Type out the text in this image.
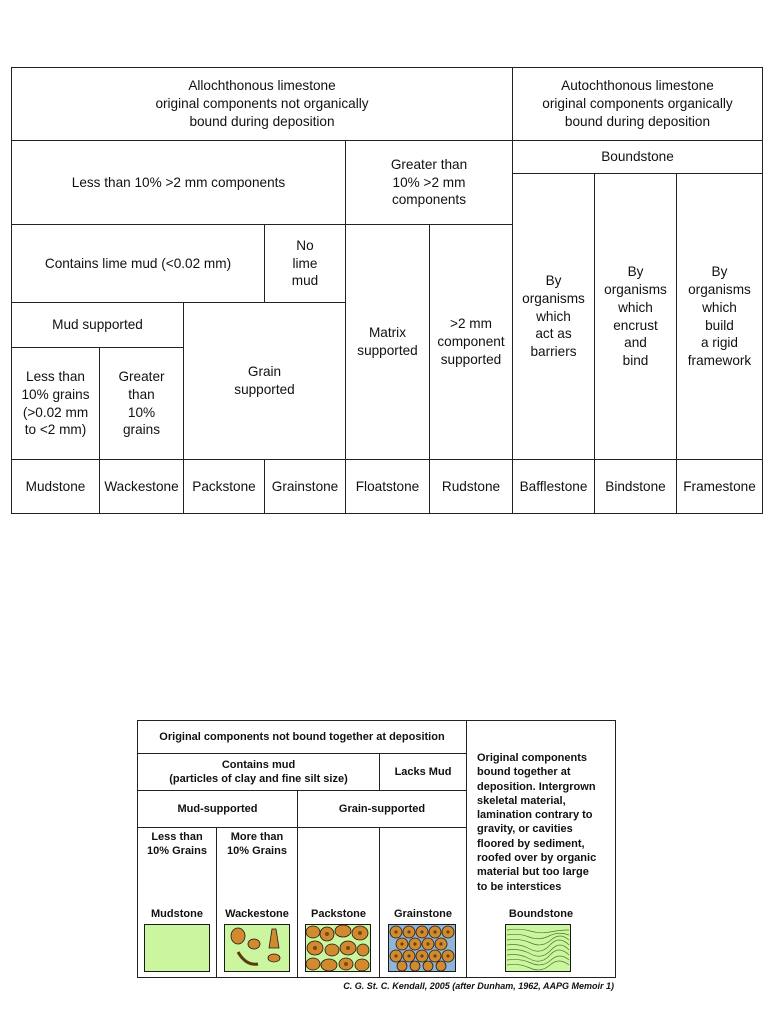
Allochthonous limestone
original components not organically
bound during deposition
Autochthonous limestone
original components organically
bound during deposition
Less than 10% >2 mm components
Greater than
10% >2 mm
components
Boundstone
Contains lime mud (<0.02 mm)
No
lime
mud
Mud supported
Grain
supported
Less than
10% grains
(>0.02 mm
to <2 mm)
Greater
than
10%
grains
Matrix
supported
>2 mm
component
supported
By
organisms
which
act as
barriers
By
organisms
which
encrust
and
bind
By
organisms
which
build
a rigid
framework
Mudstone	Wackestone	Packstone	Grainstone	Floatstone	Rudstone	Bafflestone	Bindstone	Framestone
Original components not bound together at deposition
Original components
bound together at
deposition. Intergrown
skeletal material,
lamination contrary to
gravity, or cavities
floored by sediment,
roofed over by organic
material but too large
to be interstices
Contains mud
(particles of clay and fine silt size)
Lacks Mud
Mud-supported	Grain-supported
Less than
10% Grains
More than
10% Grains
Mudstone	Wackestone	Packstone	Grainstone	Boundstone
C. G. St. C. Kendall, 2005 (after Dunham, 1962, AAPG Memoir 1)
